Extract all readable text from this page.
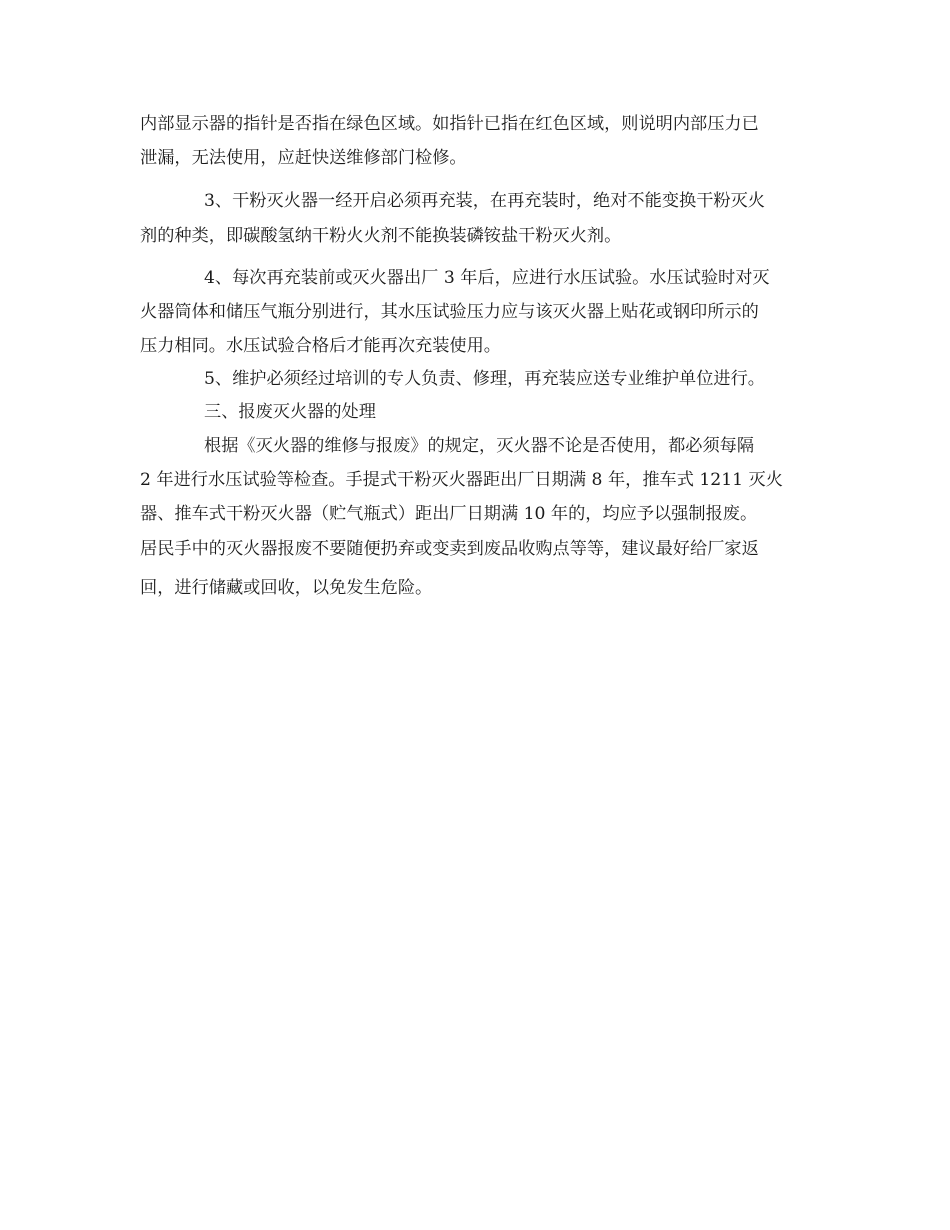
内部显示器的指针是否指在绿色区域。如指针已指在红色区域，则说明内部压力已
泄漏，无法使用，应赶快送维修部门检修。
3、干粉灭火器一经开启必须再充装，在再充装时，绝对不能变换干粉灭火
剂的种类，即碳酸氢纳干粉火火剂不能换装磷铵盐干粉灭火剂。
4、每次再充装前或灭火器出厂 3 年后，应进行水压试验。水压试验时对灭
火器筒体和储压气瓶分别进行，其水压试验压力应与该灭火器上贴花或钢印所示的
压力相同。水压试验合格后才能再次充装使用。
5、维护必须经过培训的专人负责、修理，再充装应送专业维护单位进行。
三、报废灭火器的处理
根据《灭火器的维修与报废》的规定，灭火器不论是否使用，都必须每隔
2 年进行水压试验等检查。手提式干粉灭火器距出厂日期满 8 年，推车式 1211 灭火
器、推车式干粉灭火器（贮气瓶式）距出厂日期满 10 年的，均应予以强制报废。
居民手中的灭火器报废不要随便扔弃或变卖到废品收购点等等，建议最好给厂家返
回，进行储藏或回收，以免发生危险。
